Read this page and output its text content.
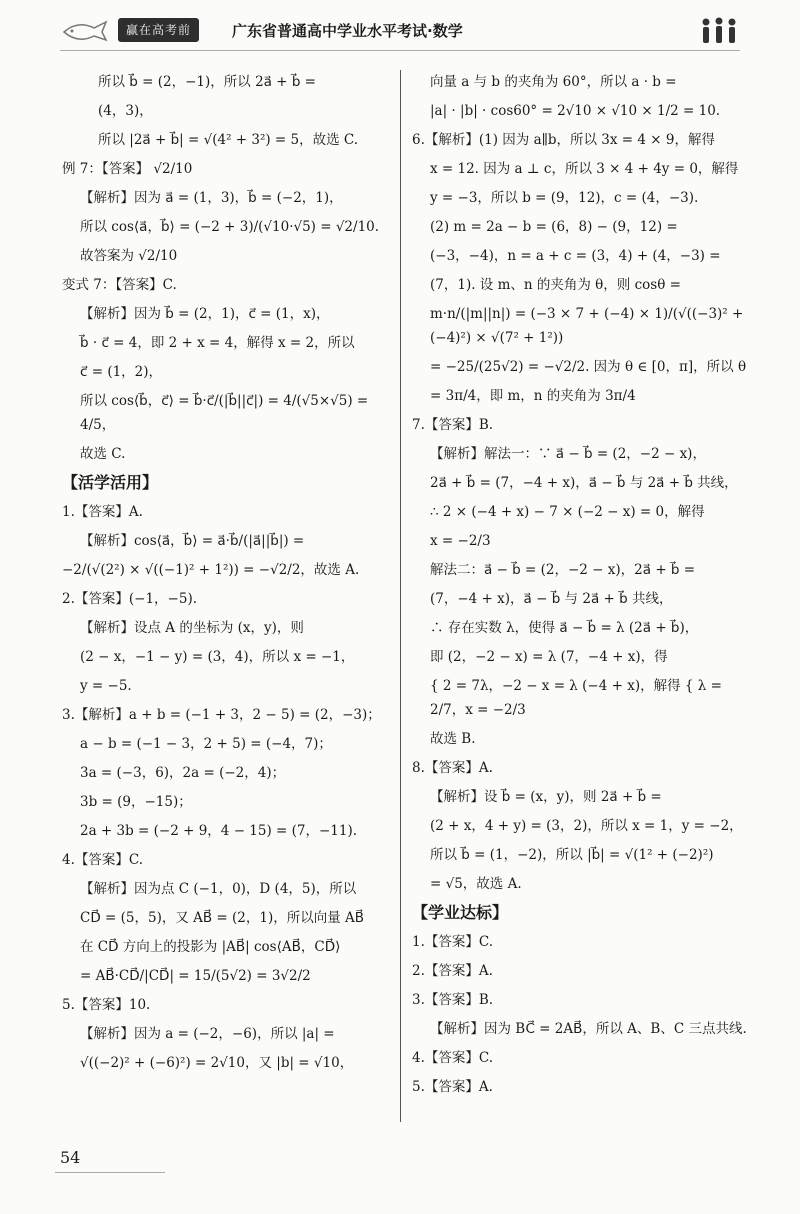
赢在高考前	广东省普通高中学业水平考试·数学

所以 b⃗ = (2，−1)，所以 2a⃗ + b⃗ =

(4，3)，

所以 |2a⃗ + b⃗| = √(4² + 3²) = 5，故选 C.

例 7：【答案】 √2/10

【解析】因为 a⃗ = (1，3)，b⃗ = (−2，1)，

所以 cos⟨a⃗，b⃗⟩ = (−2 + 3)/(√10·√5) = √2/10.

故答案为 √2/10

变式 7：【答案】C.

【解析】因为 b⃗ = (2，1)，c⃗ = (1，x)，

b⃗ · c⃗ = 4，即 2 + x = 4，解得 x = 2，所以

c⃗ = (1，2)，

所以 cos⟨b⃗，c⃗⟩ = b⃗·c⃗/(|b⃗||c⃗|) = 4/(√5×√5) = 4/5，

故选 C.

【活学活用】

1.【答案】A.

【解析】cos⟨a⃗，b⃗⟩ = a⃗·b⃗/(|a⃗||b⃗|) =

−2/(√(2²) × √((−1)² + 1²)) = −√2/2，故选 A.

2.【答案】(−1，−5).

【解析】设点 A 的坐标为 (x，y)，则

(2 − x，−1 − y) = (3，4)，所以 x = −1，

y = −5.

3.【解析】a + b = (−1 + 3，2 − 5) = (2，−3)；

a − b = (−1 − 3，2 + 5) = (−4，7)；

3a = (−3，6)，2a = (−2，4)；

3b = (9，−15)；

2a + 3b = (−2 + 9，4 − 15) = (7，−11).

4.【答案】C.

【解析】因为点 C (−1，0)，D (4，5)，所以

CD⃗ = (5，5)，又 AB⃗ = (2，1)，所以向量 AB⃗

在 CD⃗ 方向上的投影为 |AB⃗| cos⟨AB⃗，CD⃗⟩

= AB⃗·CD⃗/|CD⃗| = 15/(5√2) = 3√2/2

5.【答案】10.

【解析】因为 a = (−2，−6)，所以 |a| =

√((−2)² + (−6)²) = 2√10，又 |b| = √10，

向量 a 与 b 的夹角为 60°，所以 a · b =

|a| · |b| · cos60° = 2√10 × √10 × 1/2 = 10.

6.【解析】(1) 因为 a∥b，所以 3x = 4 × 9，解得

x = 12. 因为 a ⊥ c，所以 3 × 4 + 4y = 0，解得

y = −3，所以 b = (9，12)，c = (4，−3).

(2) m = 2a − b = (6，8) − (9，12) =

(−3，−4)，n = a + c = (3，4) + (4，−3) =

(7，1). 设 m、n 的夹角为 θ，则 cosθ =

m·n/(|m||n|) = (−3 × 7 + (−4) × 1)/(√((−3)² + (−4)²) × √(7² + 1²))

= −25/(25√2) = −√2/2. 因为 θ ∈ [0，π]，所以 θ

= 3π/4，即 m，n 的夹角为 3π/4

7.【答案】B.

【解析】解法一：∵ a⃗ − b⃗ = (2，−2 − x)，

2a⃗ + b⃗ = (7，−4 + x)，a⃗ − b⃗ 与 2a⃗ + b⃗ 共线，

∴ 2 × (−4 + x) − 7 × (−2 − x) = 0，解得

x = −2/3

解法二：a⃗ − b⃗ = (2，−2 − x)，2a⃗ + b⃗ =

(7，−4 + x)，a⃗ − b⃗ 与 2a⃗ + b⃗ 共线，

∴ 存在实数 λ，使得 a⃗ − b⃗ = λ (2a⃗ + b⃗)，

即 (2，−2 − x) = λ (7，−4 + x)，得

{ 2 = 7λ，−2 − x = λ (−4 + x)，解得 { λ = 2/7，x = −2/3

故选 B.

8.【答案】A.

【解析】设 b⃗ = (x，y)，则 2a⃗ + b⃗ =

(2 + x，4 + y) = (3，2)，所以 x = 1，y = −2，

所以 b⃗ = (1，−2)，所以 |b⃗| = √(1² + (−2)²)

= √5，故选 A.

【学业达标】

1.【答案】C.

2.【答案】A.

3.【答案】B.

【解析】因为 BC⃗ = 2AB⃗，所以 A、B、C 三点共线.

4.【答案】C.

5.【答案】A.

54
